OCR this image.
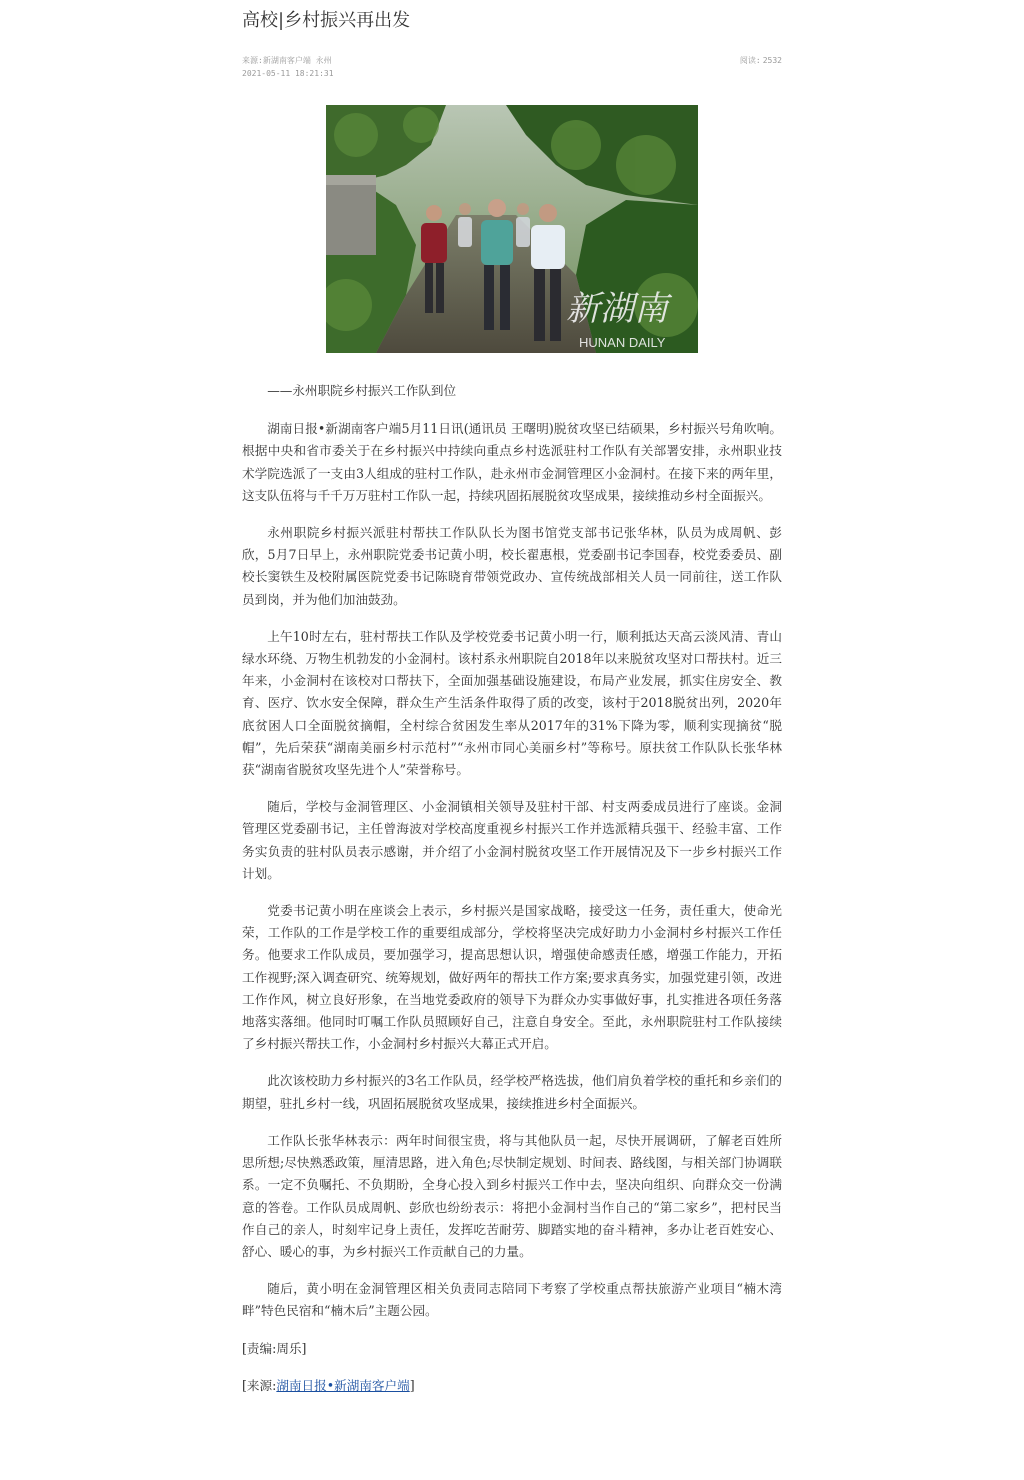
高校|乡村振兴再出发
来源:新湖南客户端 永州
2021-05-11 18:21:31
阅读: 2532
新湖南
HUNAN DAILY

——永州职院乡村振兴工作队到位

湖南日报•新湖南客户端5月11日讯(通讯员 王曙明)脱贫攻坚已结硕果，乡村振兴号角吹响。根据中央和省市委关于在乡村振兴中持续向重点乡村选派驻村工作队有关部署安排，永州职业技术学院选派了一支由3人组成的驻村工作队，赴永州市金洞管理区小金洞村。在接下来的两年里，这支队伍将与千千万万驻村工作队一起，持续巩固拓展脱贫攻坚成果，接续推动乡村全面振兴。

永州职院乡村振兴派驻村帮扶工作队队长为图书馆党支部书记张华林，队员为成周帆、彭欣，5月7日早上，永州职院党委书记黄小明，校长翟惠根，党委副书记李国春，校党委委员、副校长窦铁生及校附属医院党委书记陈晓育带领党政办、宣传统战部相关人员一同前往，送工作队员到岗，并为他们加油鼓劲。

上午10时左右，驻村帮扶工作队及学校党委书记黄小明一行，顺利抵达天高云淡风清、青山绿水环绕、万物生机勃发的小金洞村。该村系永州职院自2018年以来脱贫攻坚对口帮扶村。近三年来，小金洞村在该校对口帮扶下，全面加强基础设施建设，布局产业发展，抓实住房安全、教育、医疗、饮水安全保障，群众生产生活条件取得了质的改变，该村于2018脱贫出列，2020年底贫困人口全面脱贫摘帽，全村综合贫困发生率从2017年的31%下降为零，顺利实现摘贫“脱帽”，先后荣获“湖南美丽乡村示范村”“永州市同心美丽乡村”等称号。原扶贫工作队队长张华林获“湖南省脱贫攻坚先进个人”荣誉称号。

随后，学校与金洞管理区、小金洞镇相关领导及驻村干部、村支两委成员进行了座谈。金洞管理区党委副书记，主任曾海波对学校高度重视乡村振兴工作并选派精兵强干、经验丰富、工作务实负责的驻村队员表示感谢，并介绍了小金洞村脱贫攻坚工作开展情况及下一步乡村振兴工作计划。

党委书记黄小明在座谈会上表示，乡村振兴是国家战略，接受这一任务，责任重大，使命光荣，工作队的工作是学校工作的重要组成部分，学校将坚决完成好助力小金洞村乡村振兴工作任务。他要求工作队成员，要加强学习，提高思想认识，增强使命感责任感，增强工作能力，开拓工作视野;深入调查研究、统筹规划，做好两年的帮扶工作方案;要求真务实，加强党建引领，改进工作作风，树立良好形象，在当地党委政府的领导下为群众办实事做好事，扎实推进各项任务落地落实落细。他同时叮嘱工作队员照顾好自己，注意自身安全。至此，永州职院驻村工作队接续了乡村振兴帮扶工作，小金洞村乡村振兴大幕正式开启。

此次该校助力乡村振兴的3名工作队员，经学校严格选拔，他们肩负着学校的重托和乡亲们的期望，驻扎乡村一线，巩固拓展脱贫攻坚成果，接续推进乡村全面振兴。

工作队长张华林表示：两年时间很宝贵，将与其他队员一起，尽快开展调研，了解老百姓所思所想;尽快熟悉政策，厘清思路，进入角色;尽快制定规划、时间表、路线图，与相关部门协调联系。一定不负嘱托、不负期盼，全身心投入到乡村振兴工作中去，坚决向组织、向群众交一份满意的答卷。工作队员成周帆、彭欣也纷纷表示：将把小金洞村当作自己的“第二家乡”，把村民当作自己的亲人，时刻牢记身上责任，发挥吃苦耐劳、脚踏实地的奋斗精神，多办让老百姓安心、舒心、暖心的事，为乡村振兴工作贡献自己的力量。

随后，黄小明在金洞管理区相关负责同志陪同下考察了学校重点帮扶旅游产业项目“楠木湾畔”特色民宿和“楠木后”主题公园。

[责编:周乐]

[来源:湖南日报•新湖南客户端]
